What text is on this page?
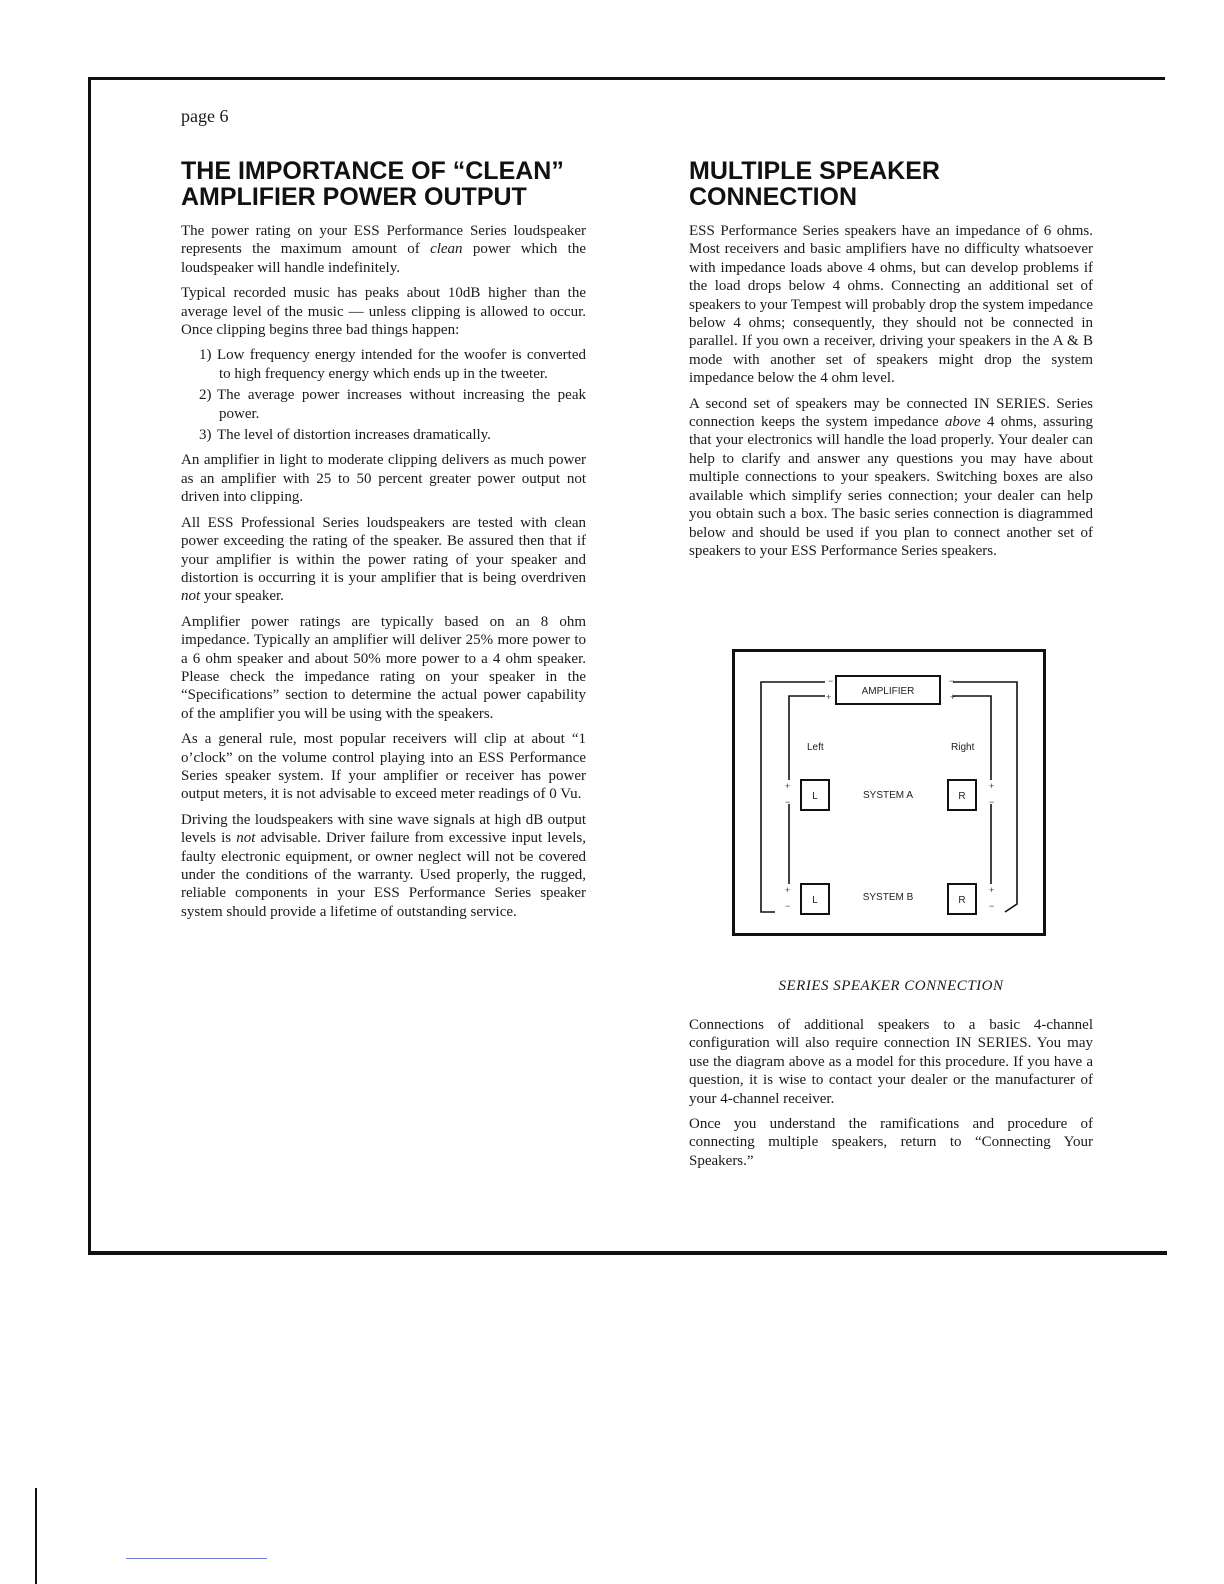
page 6
THE IMPORTANCE OF “CLEAN”
AMPLIFIER POWER OUTPUT

The power rating on your ESS Performance Series loudspeaker represents the maximum amount of clean power which the loudspeaker will handle indefinitely.

Typical recorded music has peaks about 10dB higher than the average level of the music — unless clipping is allowed to occur. Once clipping begins three bad things happen:

1) Low frequency energy intended for the woofer is converted to high frequency energy which ends up in the tweeter.
2) The average power increases without increasing the peak power.
3) The level of distortion increases dramatically.

An amplifier in light to moderate clipping delivers as much power as an amplifier with 25 to 50 percent greater power output not driven into clipping.

All ESS Professional Series loudspeakers are tested with clean power exceeding the rating of the speaker. Be assured then that if your amplifier is within the power rating of your speaker and distortion is occurring it is your amplifier that is being overdriven not your speaker.

Amplifier power ratings are typically based on an 8 ohm impedance. Typically an amplifier will deliver 25% more power to a 6 ohm speaker and about 50% more power to a 4 ohm speaker. Please check the impedance rating on your speaker in the “Specifications” section to determine the actual power capability of the amplifier you will be using with the speakers.

As a general rule, most popular receivers will clip at about “1 o’clock” on the volume control playing into an ESS Performance Series speaker system. If your amplifier or receiver has power output meters, it is not advisable to exceed meter readings of 0 Vu.

Driving the loudspeakers with sine wave signals at high dB output levels is not advisable. Driver failure from excessive input levels, faulty electronic equipment, or owner neglect will not be covered under the conditions of the warranty. Used properly, the rugged, reliable components in your ESS Performance Series speaker system should provide a lifetime of outstanding service.

MULTIPLE SPEAKER
CONNECTION

ESS Performance Series speakers have an impedance of 6 ohms. Most receivers and basic amplifiers have no difficulty whatsoever with impedance loads above 4 ohms, but can develop problems if the load drops below 4 ohms. Connecting an additional set of speakers to your Tempest will probably drop the system impedance below 4 ohms; consequently, they should not be connected in parallel. If you own a receiver, driving your speakers in the A & B mode with another set of speakers might drop the system impedance below the 4 ohm level.

A second set of speakers may be connected IN SERIES. Series connection keeps the system impedance above 4 ohms, assuring that your electronics will handle the load properly. Your dealer can help to clarify and answer any questions you may have about multiple connections to your speakers. Switching boxes are also available which simplify series connection; your dealer can help you obtain such a box. The basic series connection is diagrammed below and should be used if you plan to connect another set of speakers to your ESS Performance Series speakers.

AMPLIFIER
−
+
−
+
Left	Right
L	R
SYSTEM A
+
−
+
−
L	R
SYSTEM B
+
−
+
−
SERIES SPEAKER CONNECTION

Connections of additional speakers to a basic 4-channel configuration will also require connection IN SERIES. You may use the diagram above as a model for this procedure. If you have a question, it is wise to contact your dealer or the manufacturer of your 4-channel receiver.

Once you understand the ramifications and procedure of connecting multiple speakers, return to “Connecting Your Speakers.”
